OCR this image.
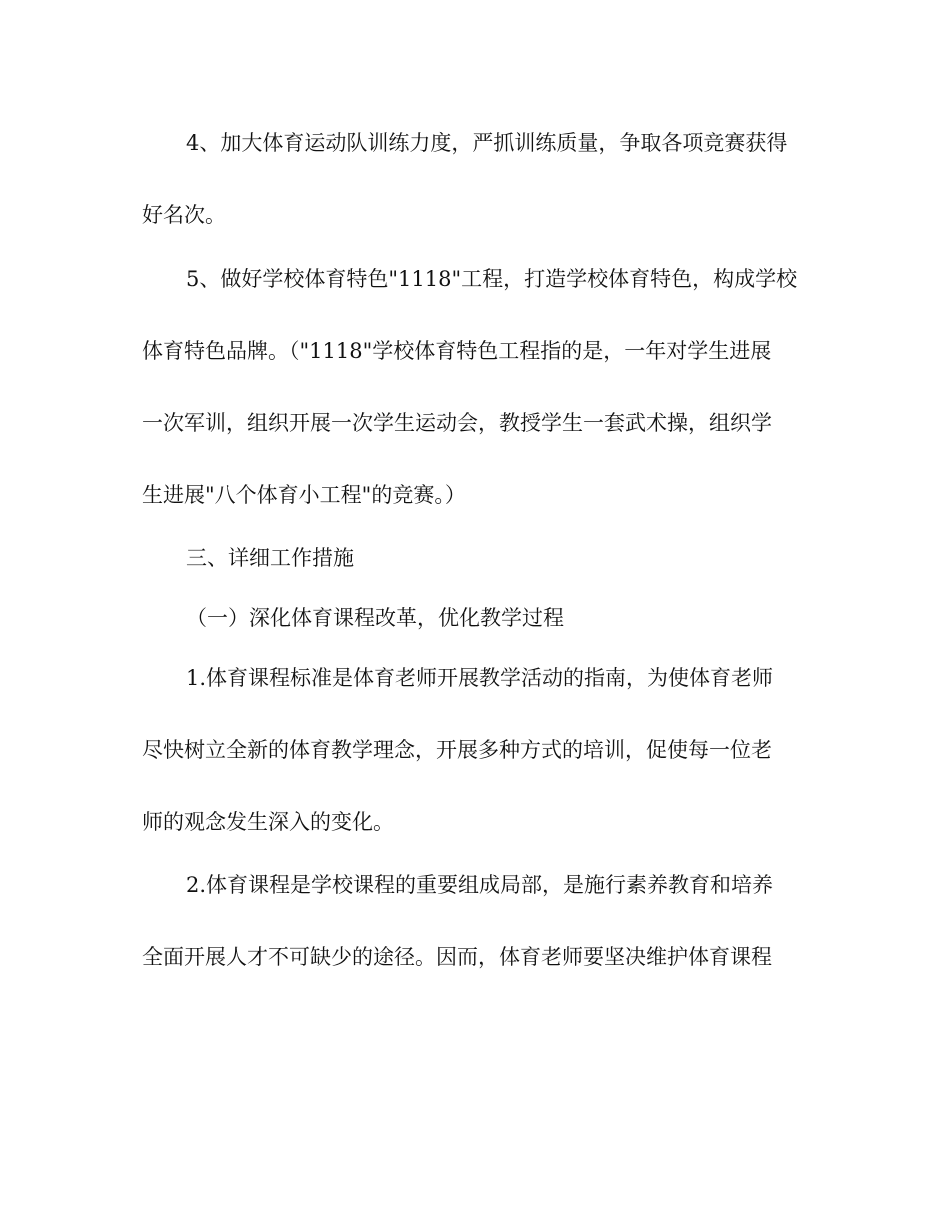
4、加大体育运动队训练力度，严抓训练质量，争取各项竞赛获得
好名次。
5、做好学校体育特色"1118"工程，打造学校体育特色，构成学校
体育特色品牌。（"1118"学校体育特色工程指的是，一年对学生进展
一次军训，组织开展一次学生运动会，教授学生一套武术操，组织学
生进展"八个体育小工程"的竞赛。）
三、详细工作措施
（一）深化体育课程改革，优化教学过程
1.体育课程标准是体育老师开展教学活动的指南，为使体育老师
尽快树立全新的体育教学理念，开展多种方式的培训，促使每一位老
师的观念发生深入的变化。
2.体育课程是学校课程的重要组成局部，是施行素养教育和培养
全面开展人才不可缺少的途径。因而，体育老师要坚决维护体育课程
